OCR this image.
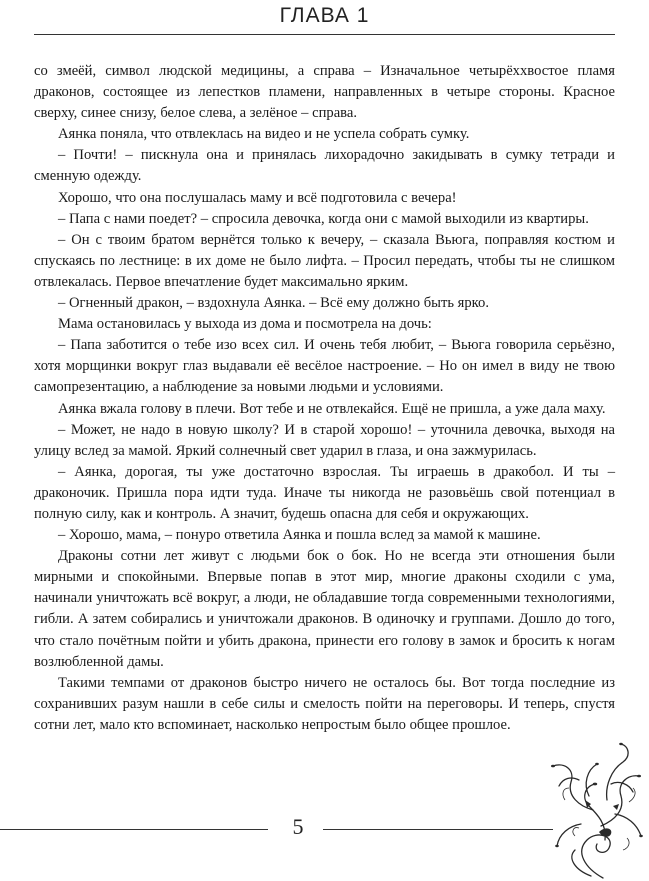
ГЛАВА 1

со змеёй, символ людской медицины, а справа – Изначальное четырёххвостое пламя драконов, состоящее из лепестков пламени, направленных в четыре стороны. Красное сверху, синее снизу, белое слева, а зелёное – справа.

Аянка поняла, что отвлеклась на видео и не успела собрать сумку.

– Почти! – пискнула она и принялась лихорадочно закидывать в сумку тетради и сменную одежду.

Хорошо, что она послушалась маму и всё подготовила с вечера!

– Папа с нами поедет? – спросила девочка, когда они с мамой выходили из квартиры.

– Он с твоим братом вернётся только к вечеру, – сказала Вьюга, поправляя костюм и спускаясь по лестнице: в их доме не было лифта. – Просил передать, чтобы ты не слишком отвлекалась. Первое впечатление будет максимально ярким.

– Огненный дракон, – вздохнула Аянка. – Всё ему должно быть ярко.

Мама остановилась у выхода из дома и посмотрела на дочь:

– Папа заботится о тебе изо всех сил. И очень тебя любит, – Вьюга говорила серьёзно, хотя морщинки вокруг глаз выдавали её весёлое настроение. – Но он имел в виду не твою самопрезентацию, а наблюдение за новыми людьми и условиями.

Аянка вжала голову в плечи. Вот тебе и не отвлекайся. Ещё не пришла, а уже дала маху.

– Может, не надо в новую школу? И в старой хорошо! – уточнила девочка, выходя на улицу вслед за мамой. Яркий солнечный свет ударил в глаза, и она зажмурилась.

– Аянка, дорогая, ты уже достаточно взрослая. Ты играешь в дракобол. И ты – драконочик. Пришла пора идти туда. Иначе ты никогда не разовьёшь свой потенциал в полную силу, как и контроль. А значит, будешь опасна для себя и окружающих.

– Хорошо, мама, – понуро ответила Аянка и пошла вслед за мамой к машине.

Драконы сотни лет живут с людьми бок о бок. Но не всегда эти отношения были мирными и спокойными. Впервые попав в этот мир, многие драконы сходили с ума, начинали уничтожать всё вокруг, а люди, не обладавшие тогда современными технологиями, гибли. А затем собирались и уничтожали драконов. В одиночку и группами. Дошло до того, что стало почётным пойти и убить дракона, принести его голову в замок и бросить к ногам возлюбленной дамы.

Такими темпами от драконов быстро ничего не осталось бы. Вот тогда последние из сохранивших разум нашли в себе силы и смелость пойти на переговоры. И теперь, спустя сотни лет, мало кто вспоминает, насколько непростым было общее прошлое.

5
